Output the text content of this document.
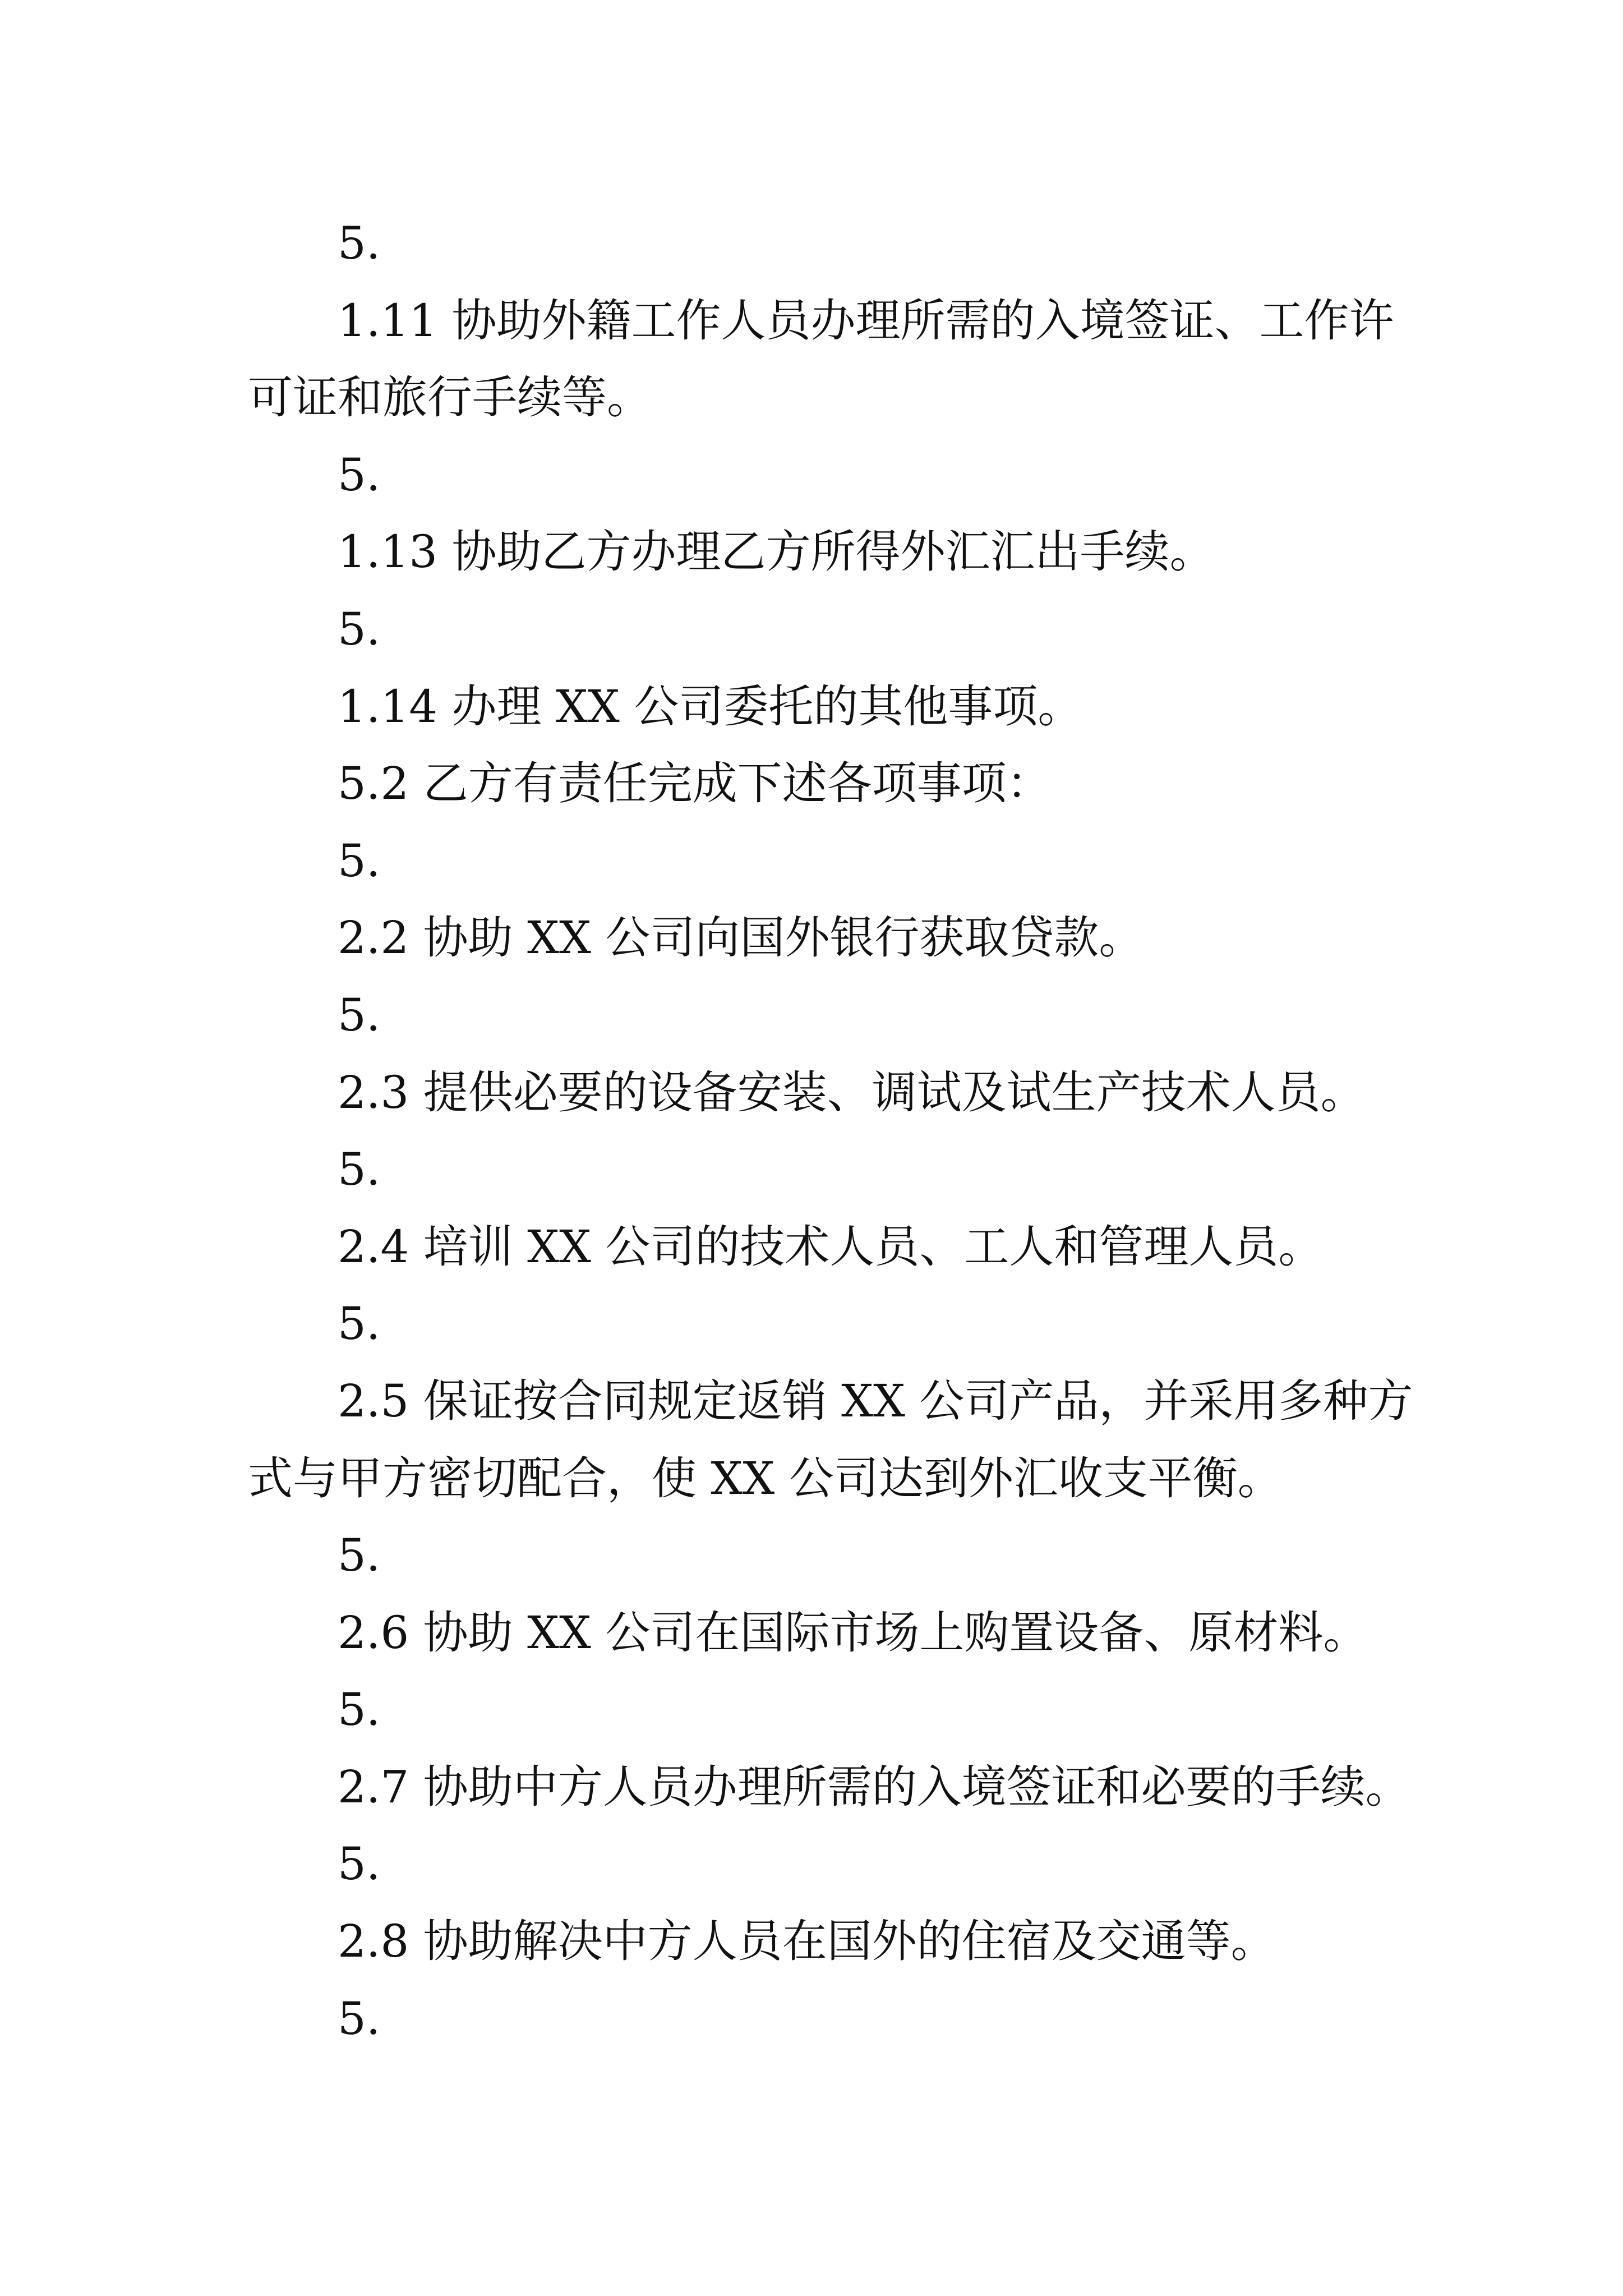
5.
1.11 协助外籍工作人员办理所需的入境签证、工作许
可证和旅行手续等。
5.
1.13 协助乙方办理乙方所得外汇汇出手续。
5.
1.14 办理 XX 公司委托的其他事项。
5.2 乙方有责任完成下述各项事项：
5.
2.2 协助 XX 公司向国外银行获取贷款。
5.
2.3 提供必要的设备安装、调试及试生产技术人员。
5.
2.4 培训 XX 公司的技术人员、工人和管理人员。
5.
2.5 保证按合同规定返销 XX 公司产品，并采用多种方
式与甲方密切配合，使 XX 公司达到外汇收支平衡。
5.
2.6 协助 XX 公司在国际市场上购置设备、原材料。
5.
2.7 协助中方人员办理所需的入境签证和必要的手续。
5.
2.8 协助解决中方人员在国外的住宿及交通等。
5.
